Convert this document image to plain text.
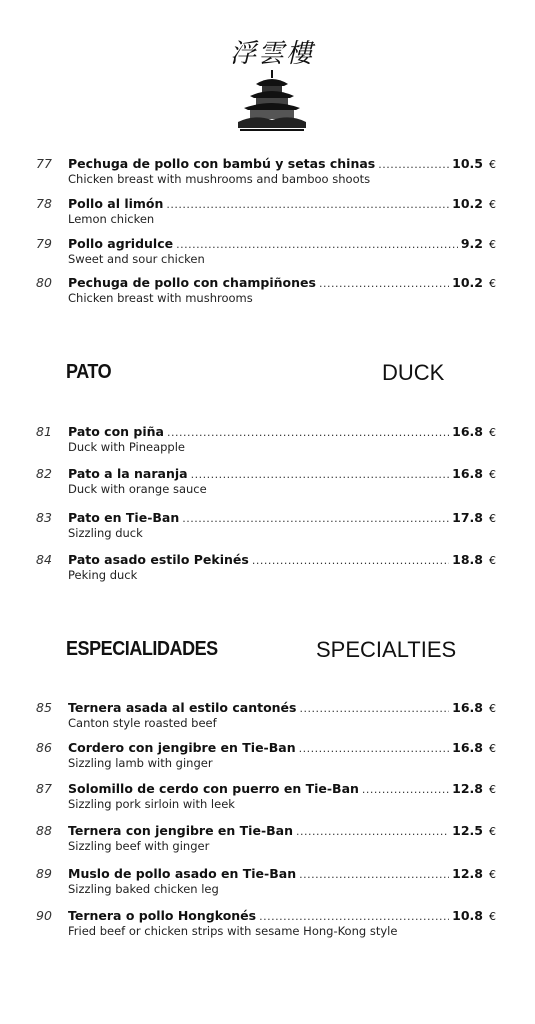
浮雲樓
77	Pechuga de pollo con bambú y setas chinas .....	10.5 €
Chicken breast with mushrooms and bamboo shoots
78	Pollo al limón .....	10.2 €
Lemon chicken
79	Pollo agridulce .....	9.2 €
Sweet and sour chicken
80	Pechuga de pollo con champiñones .....	10.2 €
Chicken breast with mushrooms
PATO	DUCK
81	Pato con piña .....	16.8 €
Duck with Pineapple
82	Pato a la naranja .....	16.8 €
Duck with orange sauce
83	Pato en Tie-Ban .....	17.8 €
Sizzling duck
84	Pato asado estilo Pekinés .....	18.8 €
Peking duck
ESPECIALIDADES	SPECIALTIES
85	Ternera asada al estilo cantonés .....	16.8 €
Canton style roasted beef
86	Cordero con jengibre en Tie-Ban .....	16.8 €
Sizzling lamb with ginger
87	Solomillo de cerdo con puerro en Tie-Ban .....	12.8 €
Sizzling pork sirloin with leek
88	Ternera con jengibre en Tie-Ban .....	12.5 €
Sizzling beef with ginger
89	Muslo de pollo asado en Tie-Ban .....	12.8 €
Sizzling baked chicken leg
90	Ternera o pollo Hongkonés .....	10.8 €
Fried beef or chicken strips with sesame Hong-Kong style
